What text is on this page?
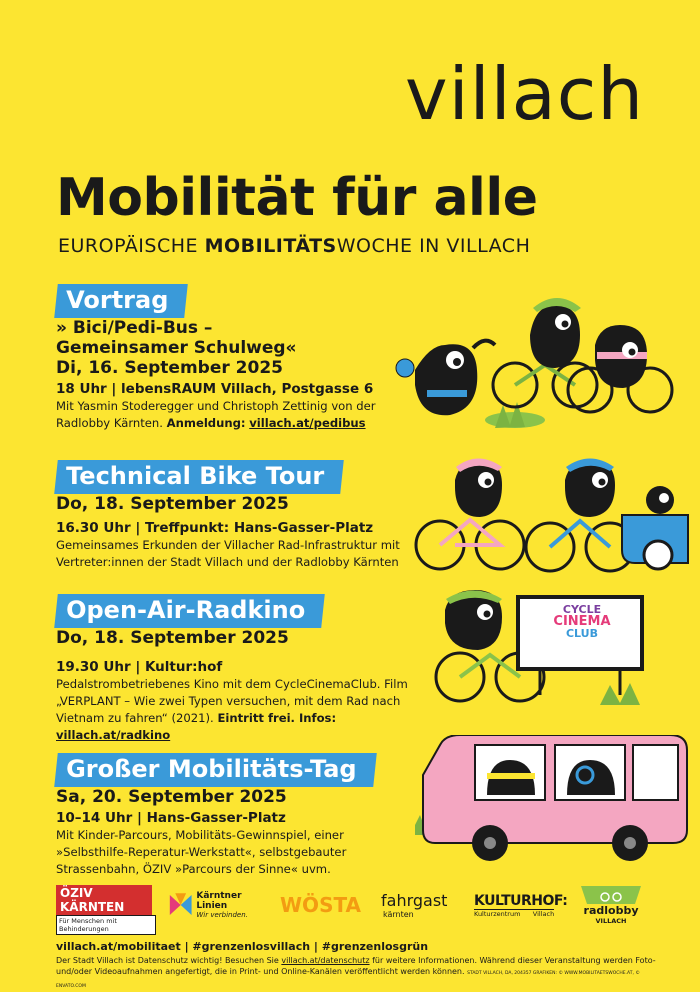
villach
Mobilität für alle
EUROPÄISCHE MOBILITÄTSWOCHE IN VILLACH
Vortrag
» Bici/Pedi-Bus –
Gemeinsamer Schulweg«
Di, 16. September 2025
18 Uhr | lebensRAUM Villach, Postgasse 6
Mit Yasmin Stoderegger und Christoph Zettinig von der
Radlobby Kärnten. Anmeldung: villach.at/pedibus
Technical Bike Tour
Do, 18. September 2025
16.30 Uhr | Treffpunkt: Hans-Gasser-Platz
Gemeinsames Erkunden der Villacher Rad-Infrastruktur mit
Vertreter:innen der Stadt Villach und der Radlobby Kärnten
Open-Air-Radkino
Do, 18. September 2025
19.30 Uhr | Kultur:hof
Pedalstrombetriebenes Kino mit dem CycleCinemaClub. Film
„VERPLANT – Wie zwei Typen versuchen, mit dem Rad nach
Vietnam zu fahren“ (2021). Eintritt frei. Infos: villach.at/radkino
Großer Mobilitäts-Tag
Sa, 20. September 2025
10–14 Uhr | Hans-Gasser-Platz
Mit Kinder-Parcours, Mobilitäts-Gewinnspiel, einer
»Selbsthilfe-Reperatur-Werkstatt«, selbstgebauter
Strassenbahn, ÖZIV »Parcours der Sinne« uvm.
CYCLE
CINEMA
CLUB
ÖZIV KÄRNTEN
Für Menschen mit Behinderungen
Kärntner Linien
Wir verbinden.	WÖSTA	fahrgast
kärnten
KULTURHOF:
Kulturzentrum      Villach	radlobby
VILLACH
villach.at/mobilitaet | #grenzenlosvillach | #grenzenlosgrün
Der Stadt Villach ist Datenschutz wichtig! Besuchen Sie villach.at/datenschutz für weitere Informationen. Während dieser Veranstaltung werden Foto- und/oder Videoaufnahmen angefertigt, die in Print- und Online-Kanälen veröffentlicht werden können. STADT VILLACH, DA, 204357 GRAFIKEN: © WWW.MOBILITAETSWOCHE.AT, © ENVATO.COM
